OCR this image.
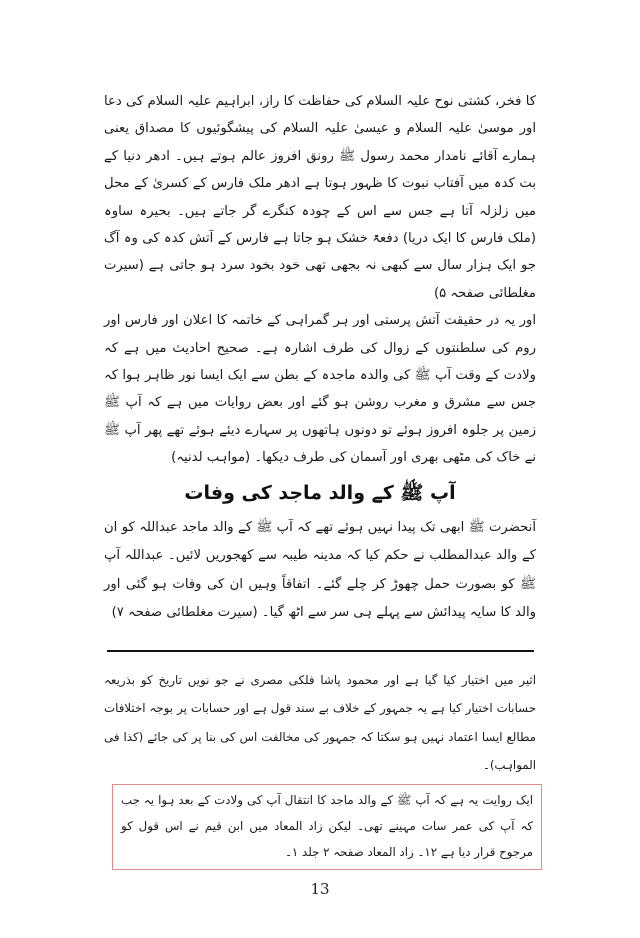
کا فخر، کشتی نوح علیہ السلام کی حفاظت کا راز، ابراہیم علیہ السلام کی دعا اور موسیٰ علیہ السلام و عیسیٰ علیہ السلام کی پیشگوئیوں کا مصداق یعنی ہمارے آقائے نامدار محمد رسول ﷺ رونق افروز عالم ہوتے ہیں۔ ادھر دنیا کے بت کدہ میں آفتاب نبوت کا ظہور ہوتا ہے ادھر ملک فارس کے کسریٰ کے محل میں زلزلہ آتا ہے جس سے اس کے چودہ کنگرے گر جاتے ہیں۔ بحیرہ ساوہ (ملک فارس کا ایک دریا) دفعۃً خشک ہو جاتا ہے فارس کے آتش کدہ کی وہ آگ جو ایک ہزار سال سے کبھی نہ بجھی تھی خود بخود سرد ہو جاتی ہے (سیرت مغلطائی صفحہ ۵)

اور یہ در حقیقت آتش پرستی اور ہر گمراہی کے خاتمہ کا اعلان اور فارس اور روم کی سلطنتوں کے زوال کی طرف اشارہ ہے۔ صحیح احادیث میں ہے کہ ولادت کے وقت آپ ﷺ کی والدہ ماجدہ کے بطن سے ایک ایسا نور ظاہر ہوا کہ جس سے مشرق و مغرب روشن ہو گئے اور بعض روایات میں ہے کہ آپ ﷺ زمین پر جلوہ افروز ہوئے تو دونوں ہاتھوں پر سہارے دیئے ہوئے تھے پھر آپ ﷺ نے خاک کی مٹھی بھری اور آسمان کی طرف دیکھا۔ (مواہب لدنیہ)

آپ ﷺ کے والد ماجد کی وفات

آنحضرت ﷺ ابھی تک پیدا نہیں ہوئے تھے کہ آپ ﷺ کے والد ماجد عبداللہ کو ان کے والد عبدالمطلب نے حکم کیا کہ مدینہ طیبہ سے کھجوریں لائیں۔ عبداللہ آپ ﷺ کو بصورت حمل چھوڑ کر چلے گئے۔ اتفاقاً وہیں ان کی وفات ہو گئی اور والد کا سایہ پیدائش سے پہلے ہی سر سے اٹھ گیا۔ (سیرت مغلطائی صفحہ ۷)

اثیر میں اختیار کیا گیا ہے اور محمود پاشا فلکی مصری نے جو نویں تاریخ کو بذریعہ حسابات اختیار کیا ہے یہ جمہور کے خلاف بے سند قول ہے اور حسابات پر بوجہ اختلافات مطالع ایسا اعتماد نہیں ہو سکتا کہ جمہور کی مخالفت اس کی بنا پر کی جائے (کذا فی المواہب)۔

ایک روایت یہ ہے کہ آپ ﷺ کے والد ماجد کا انتقال آپ کی ولادت کے بعد ہوا یہ جب کہ آپ کی عمر سات مہینے تھی۔ لیکن زاد المعاد میں ابن قیم نے اس قول کو مرجوح قرار دیا ہے ۱۲۔ زاد المعاد صفحہ ۲ جلد ۱۔
13
